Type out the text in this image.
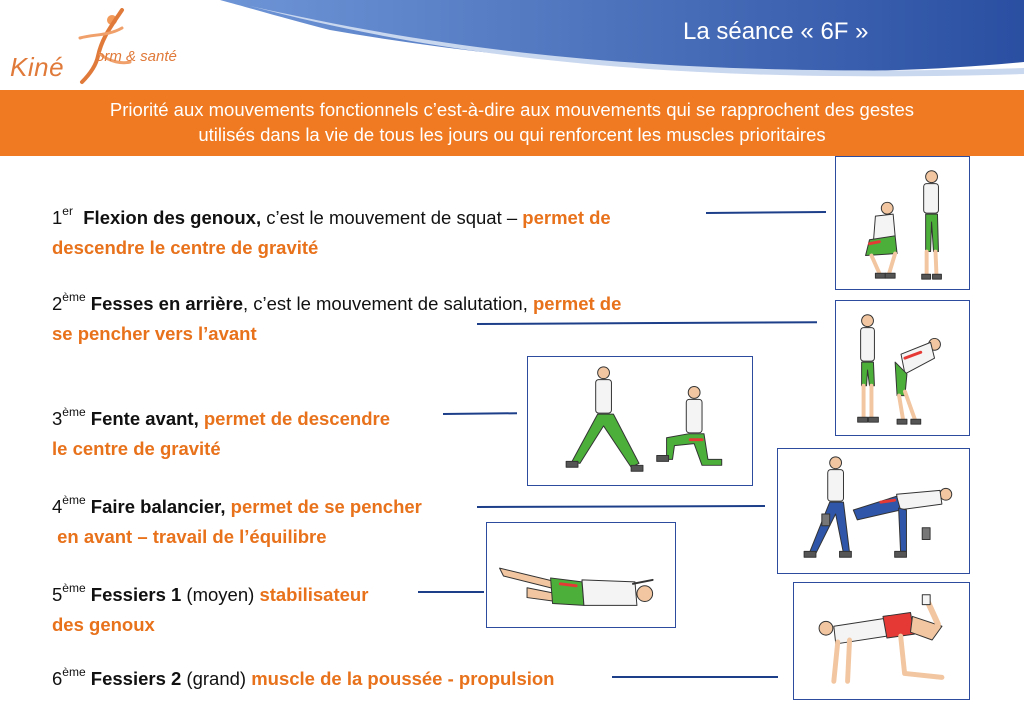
Kiné orm & santé
La séance « 6F »
Priorité aux mouvements fonctionnels c’est-à-dire aux mouvements qui se rapprochent des gestes
utilisés dans la vie de tous les jours ou qui renforcent les muscles prioritaires
1er Flexion des genoux, c’est le mouvement de squat – permet de
descendre le centre de gravité
2ème Fesses en arrière, c’est le mouvement de salutation, permet de
se pencher vers l’avant
3ème Fente avant, permet de descendre
le centre de gravité
4ème Faire balancier, permet de se pencher
en avant – travail de l’équilibre
5ème Fessiers 1 (moyen) stabilisateur
des genoux
6ème Fessiers 2 (grand) muscle de la poussée - propulsion
